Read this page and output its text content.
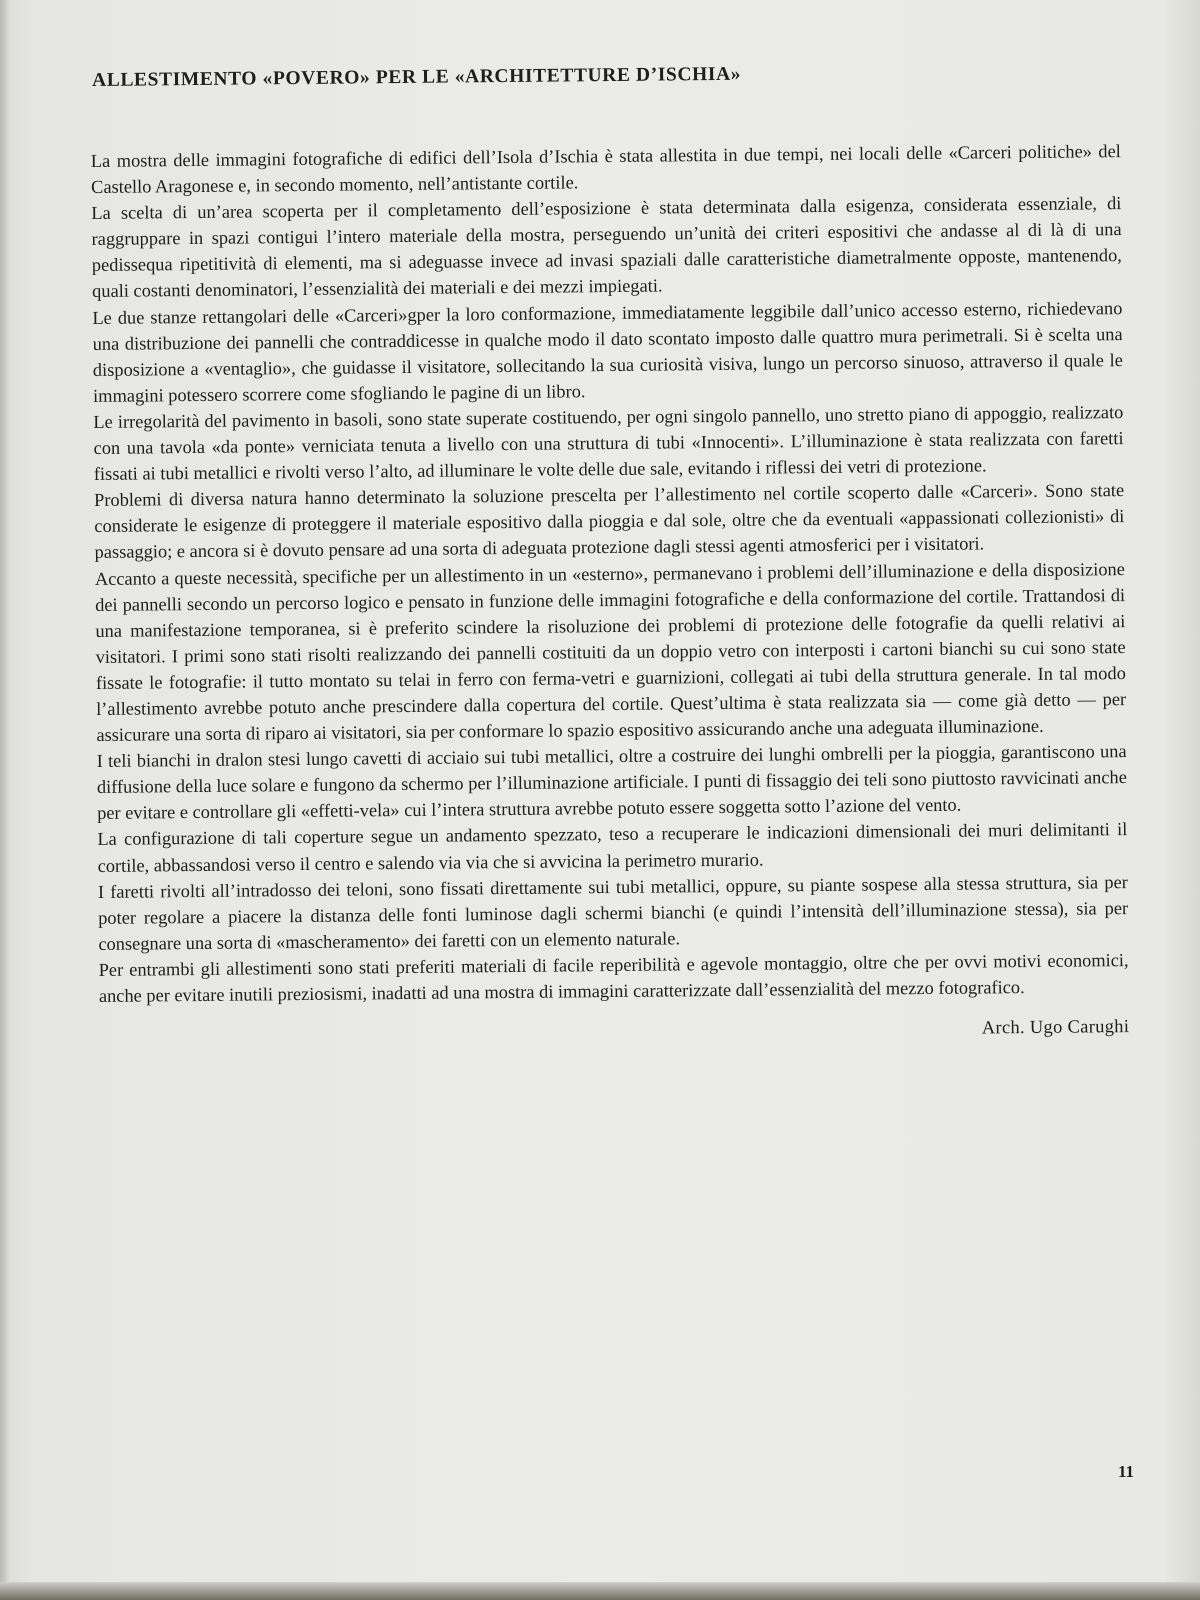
ALLESTIMENTO «POVERO» PER LE «ARCHITETTURE D’ISCHIA»

La mostra delle immagini fotografiche di edifici dell’Isola d’Ischia è stata allestita in due tempi, nei locali delle «Carceri politiche» del Castello Aragonese e, in secondo momento, nell’antistante cortile.

La scelta di un’area scoperta per il completamento dell’esposizione è stata determinata dalla esigenza, considerata essenziale, di raggruppare in spazi contigui l’intero materiale della mostra, perseguendo un’unità dei criteri espositivi che andasse al di là di una pedissequa ripetitività di elementi, ma si adeguasse invece ad invasi spaziali dalle caratteristiche diametralmente opposte, mantenendo, quali costanti denominatori, l’essenzialità dei materiali e dei mezzi impiegati.

Le due stanze rettangolari delle «Carceri»gper la loro conformazione, immediatamente leggibile dall’unico accesso esterno, richiedevano una distribuzione dei pannelli che contraddicesse in qualche modo il dato scontato imposto dalle quattro mura perimetrali. Si è scelta una disposizione a «ventaglio», che guidasse il visitatore, sollecitando la sua curiosità visiva, lungo un percorso sinuoso, attraverso il quale le immagini potessero scorrere come sfogliando le pagine di un libro.

Le irregolarità del pavimento in basoli, sono state superate costituendo, per ogni singolo pannello, uno stretto piano di appoggio, realizzato con una tavola «da ponte» verniciata tenuta a livello con una struttura di tubi «Innocenti». L’illuminazione è stata realizzata con faretti fissati ai tubi metallici e rivolti verso l’alto, ad illuminare le volte delle due sale, evitando i riflessi dei vetri di protezione.

Problemi di diversa natura hanno determinato la soluzione prescelta per l’allestimento nel cortile scoperto dalle «Carceri». Sono state considerate le esigenze di proteggere il materiale espositivo dalla pioggia e dal sole, oltre che da eventuali «appassionati collezionisti» di passaggio; e ancora si è dovuto pensare ad una sorta di adeguata protezione dagli stessi agenti atmosferici per i visitatori.

Accanto a queste necessità, specifiche per un allestimento in un «esterno», permanevano i problemi dell’illuminazione e della disposizione dei pannelli secondo un percorso logico e pensato in funzione delle immagini fotografiche e della conformazione del cortile. Trattandosi di una manifestazione temporanea, si è preferito scindere la risoluzione dei problemi di protezione delle fotografie da quelli relativi ai visitatori. I primi sono stati risolti realizzando dei pannelli costituiti da un doppio vetro con interposti i cartoni bianchi su cui sono state fissate le fotografie: il tutto montato su telai in ferro con ferma-vetri e guarnizioni, collegati ai tubi della struttura generale. In tal modo l’allestimento avrebbe potuto anche prescindere dalla copertura del cortile. Quest’ultima è stata realizzata sia — come già detto — per assicurare una sorta di riparo ai visitatori, sia per conformare lo spazio espositivo assicurando anche una adeguata illuminazione.

I teli bianchi in dralon stesi lungo cavetti di acciaio sui tubi metallici, oltre a costruire dei lunghi ombrelli per la pioggia, garantiscono una diffusione della luce solare e fungono da schermo per l’illuminazione artificiale. I punti di fissaggio dei teli sono piuttosto ravvicinati anche per evitare e controllare gli «effetti-vela» cui l’intera struttura avrebbe potuto essere soggetta sotto l’azione del vento.

La configurazione di tali coperture segue un andamento spezzato, teso a recuperare le indicazioni dimensionali dei muri delimitanti il cortile, abbassandosi verso il centro e salendo via via che si avvicina la perimetro murario.

I faretti rivolti all’intradosso dei teloni, sono fissati direttamente sui tubi metallici, oppure, su piante sospese alla stessa struttura, sia per poter regolare a piacere la distanza delle fonti luminose dagli schermi bianchi (e quindi l’intensità dell’illuminazione stessa), sia per consegnare una sorta di «mascheramento» dei faretti con un elemento naturale.

Per entrambi gli allestimenti sono stati preferiti materiali di facile reperibilità e agevole montaggio, oltre che per ovvi motivi economici, anche per evitare inutili preziosismi, inadatti ad una mostra di immagini caratterizzate dall’essenzialità del mezzo fotografico.

Arch. Ugo Carughi
11
